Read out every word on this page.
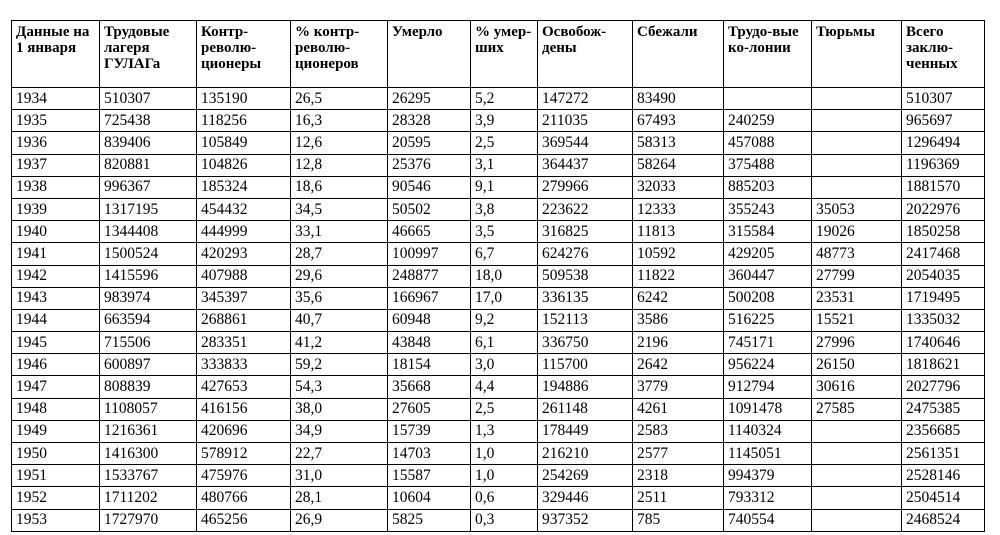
Данные на 1 января	Трудовые лагеря ГУЛАГа	Контр-револю-ционеры	% контр-револю-ционеров	Умерло	% умер-ших	Освобож-дены	Сбежали	Трудо-вые ко-лонии	Тюрьмы	Всего заклю-ченных
1934	510307	135190	26,5	26295	5,2	147272	83490			510307
1935	725438	118256	16,3	28328	3,9	211035	67493	240259		965697
1936	839406	105849	12,6	20595	2,5	369544	58313	457088		1296494
1937	820881	104826	12,8	25376	3,1	364437	58264	375488		1196369
1938	996367	185324	18,6	90546	9,1	279966	32033	885203		1881570
1939	1317195	454432	34,5	50502	3,8	223622	12333	355243	35053	2022976
1940	1344408	444999	33,1	46665	3,5	316825	11813	315584	19026	1850258
1941	1500524	420293	28,7	100997	6,7	624276	10592	429205	48773	2417468
1942	1415596	407988	29,6	248877	18,0	509538	11822	360447	27799	2054035
1943	983974	345397	35,6	166967	17,0	336135	6242	500208	23531	1719495
1944	663594	268861	40,7	60948	9,2	152113	3586	516225	15521	1335032
1945	715506	283351	41,2	43848	6,1	336750	2196	745171	27996	1740646
1946	600897	333833	59,2	18154	3,0	115700	2642	956224	26150	1818621
1947	808839	427653	54,3	35668	4,4	194886	3779	912794	30616	2027796
1948	1108057	416156	38,0	27605	2,5	261148	4261	1091478	27585	2475385
1949	1216361	420696	34,9	15739	1,3	178449	2583	1140324		2356685
1950	1416300	578912	22,7	14703	1,0	216210	2577	1145051		2561351
1951	1533767	475976	31,0	15587	1,0	254269	2318	994379		2528146
1952	1711202	480766	28,1	10604	0,6	329446	2511	793312		2504514
1953	1727970	465256	26,9	5825	0,3	937352	785	740554		2468524
